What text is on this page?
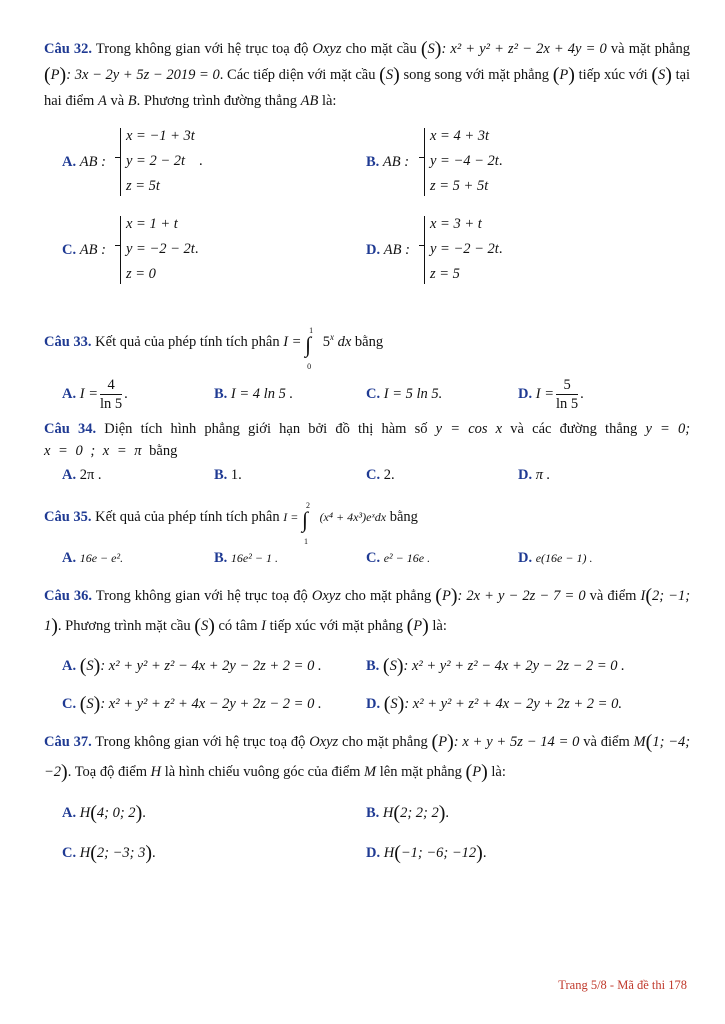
Câu 32. Trong không gian với hệ trục toạ độ Oxyz cho mặt cầu (S): x² + y² + z² − 2x + 4y = 0 và mặt phẳng (P): 3x − 2y + 5z − 2019 = 0. Các tiếp diện với mặt cầu (S) song song với mặt phẳng (P) tiếp xúc với (S) tại hai điểm A và B. Phương trình đường thẳng AB là:
A. AB :
x = −1 + 3t
y = 2 − 2t .
z = 5t
B. AB :
x = 4 + 3t
y = −4 − 2t.
z = 5 + 5t
C. AB :
x = 1 + t
y = −2 − 2t.
z = 0
D. AB :
x = 3 + t
y = −2 − 2t.
z = 5
Câu 33. Kết quả của phép tính tích phân I = ∫
1
0
5$^x$ dx bằng
A. $I = \frac{4}{\ln 5}$ .	B. I = 4 ln 5 .	C. I = 5 ln 5.	D. $I = \frac{5}{\ln 5}$ .
Câu 34. Diện tích hình phẳng giới hạn bởi đồ thị hàm số y = cos x và các đường thẳng y = 0; x = 0 ; x = π bằng
A. 2π .	B. 1.	C. 2.	D. π .
Câu 35. Kết quả của phép tính tích phân I = ∫
2
1
(x⁴ + 4x³)eˣdx bằng
A. 16e − e².	B. 16e² − 1 .	C. e² − 16e .	D. e(16e − 1) .
Câu 36. Trong không gian với hệ trục toạ độ Oxyz cho mặt phẳng (P): 2x + y − 2z − 7 = 0 và điểm I(2; −1; 1). Phương trình mặt cầu (S) có tâm I tiếp xúc với mặt phẳng (P) là:
A. (S): x² + y² + z² − 4x + 2y − 2z + 2 = 0 .	B. (S): x² + y² + z² − 4x + 2y − 2z − 2 = 0 .
C. (S): x² + y² + z² + 4x − 2y + 2z − 2 = 0 .	D. (S): x² + y² + z² + 4x − 2y + 2z + 2 = 0.
Câu 37. Trong không gian với hệ trục toạ độ Oxyz cho mặt phẳng (P): x + y + 5z − 14 = 0 và điểm M(1; −4; −2). Toạ độ điểm H là hình chiếu vuông góc của điểm M lên mặt phẳng (P) là:
A. H(4; 0; 2).	B. H(2; 2; 2).
C. H(2; −3; 3).	D. H(−1; −6; −12).
Trang 5/8 - Mã đề thi 178
